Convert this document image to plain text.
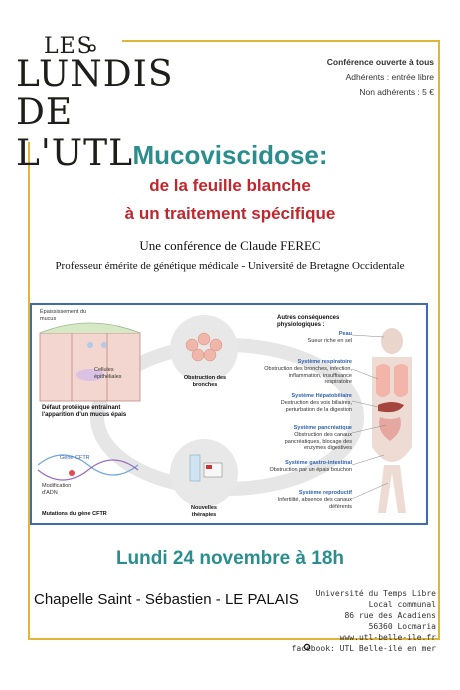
LES
LUNDIS
DE L'UTL
Conférence ouverte à tous
Adhérents : entrée libre
Non adhérents : 5 €
Mucoviscidose:
de la feuille blanche
à un traitement spécifique
Une conférence de Claude FEREC
Professeur émérite de génétique médicale - Université de Bretagne Occidentale
Épaississement du mucus
Cellules épithéliales
Défaut protéique entraînant l'apparition d'un mucus épais
Gène CFTR
Modification d'ADN
Mutations du gène CFTR
Obstruction des bronches
Nouvelles thérapies
Autres conséquences physiologiques :
Peau
Sueur riche en sel
Système respiratoire
Obstruction des bronches, infection, inflammation, insuffisance respiratoire
Système Hépatobiliaire
Destruction des voix biliaires, perturbation de la digestion
Système pancréatique
Obstruction des canaux pancréatiques, blocage des enzymes digestives
Système gastro-intestinal
Obstruction par un épais bouchon
Système reproductif
Infertilité, absence des canaux déférents
Lundi 24 novembre à 18h
Chapelle Saint - Sébastien - LE PALAIS	Université du Temps Libre
Local communal
86 rue des Acadiens
56360 Locmaria
www.utl-belle-ile.fr
facebook: UTL Belle-ile en mer
